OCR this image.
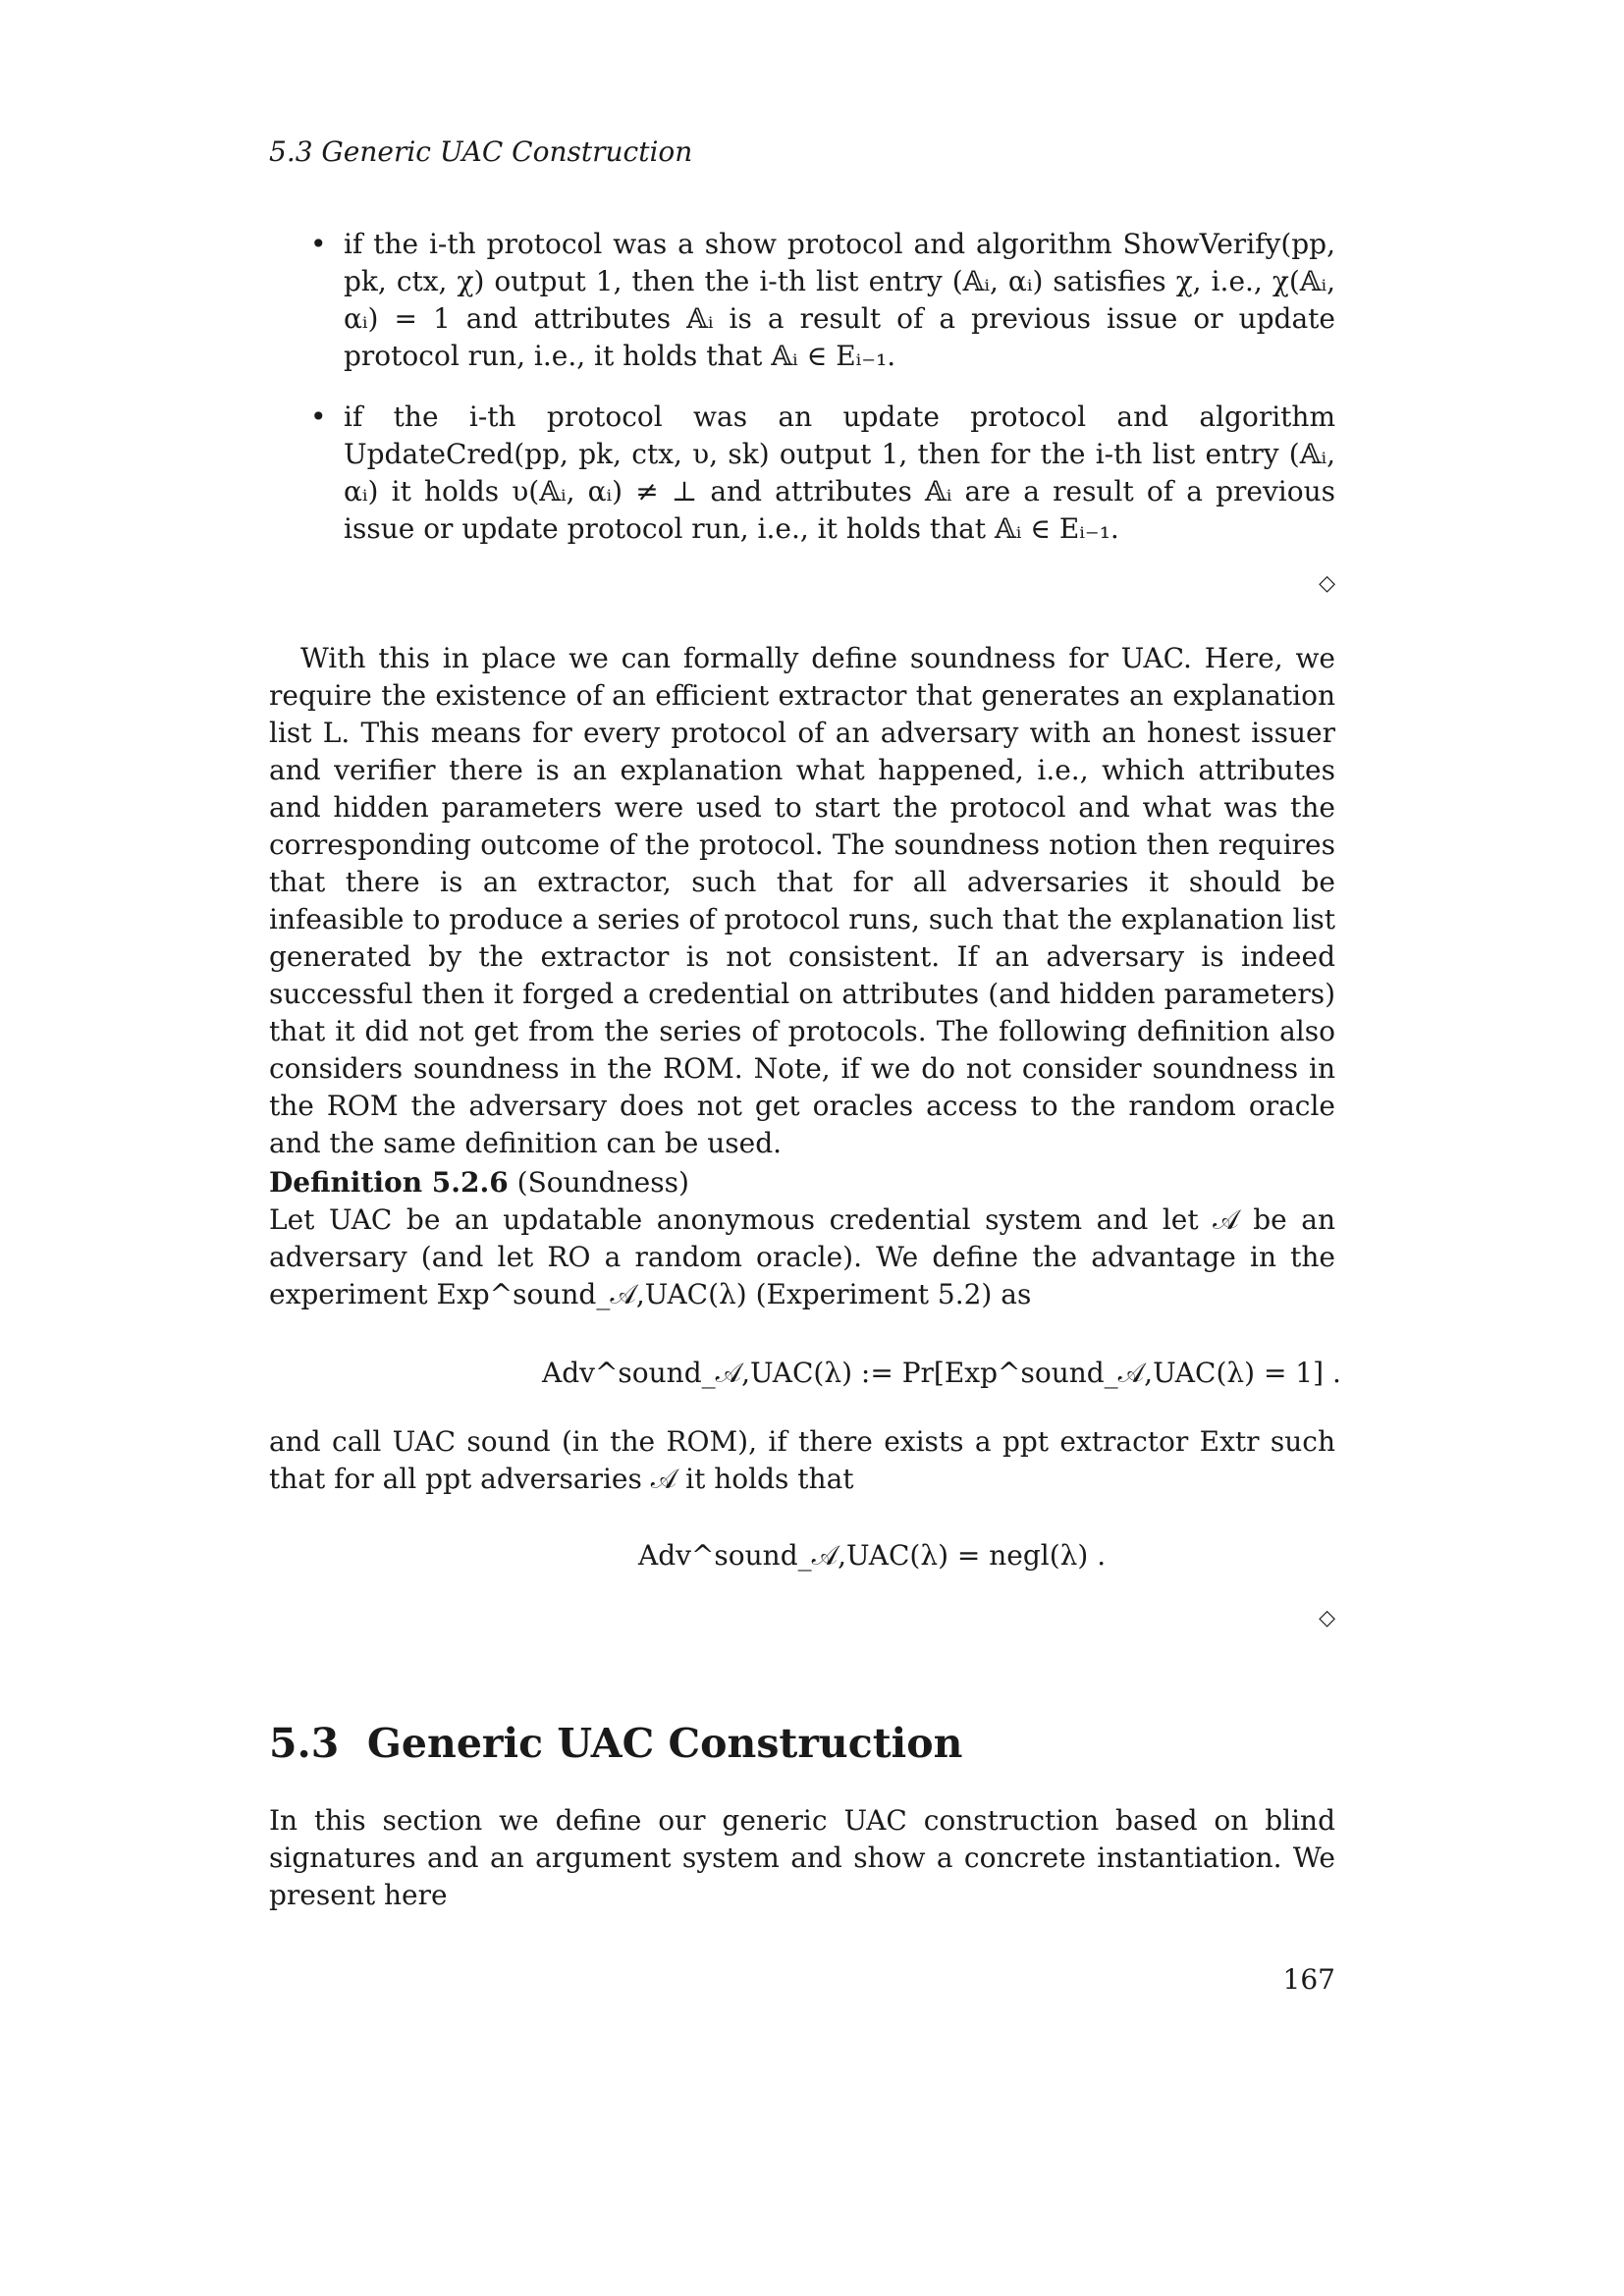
5.3 Generic UAC Construction
• if the i-th protocol was a show protocol and algorithm ShowVerify(pp, pk, ctx, χ) output 1, then the i-th list entry (𝔸ᵢ, αᵢ) satisfies χ, i.e., χ(𝔸ᵢ, αᵢ) = 1 and attributes 𝔸ᵢ is a result of a previous issue or update protocol run, i.e., it holds that 𝔸ᵢ ∈ Eᵢ₋₁.
• if the i-th protocol was an update protocol and algorithm UpdateCred(pp, pk, ctx, υ, sk) output 1, then for the i-th list entry (𝔸ᵢ, αᵢ) it holds υ(𝔸ᵢ, αᵢ) ≠ ⊥ and attributes 𝔸ᵢ are a result of a previous issue or update protocol run, i.e., it holds that 𝔸ᵢ ∈ Eᵢ₋₁.
◇

With this in place we can formally define soundness for UAC. Here, we require the existence of an efficient extractor that generates an explanation list L. This means for every protocol of an adversary with an honest issuer and verifier there is an explanation what happened, i.e., which attributes and hidden parameters were used to start the protocol and what was the corresponding outcome of the protocol. The soundness notion then requires that there is an extractor, such that for all adversaries it should be infeasible to produce a series of protocol runs, such that the explanation list generated by the extractor is not consistent. If an adversary is indeed successful then it forged a credential on attributes (and hidden parameters) that it did not get from the series of protocols. The following definition also considers soundness in the ROM. Note, if we do not consider soundness in the ROM the adversary does not get oracles access to the random oracle and the same definition can be used.

Definition 5.2.6 (Soundness)
Let UAC be an updatable anonymous credential system and let 𝒜 be an adversary (and let RO a random oracle). We define the advantage in the experiment Exp^sound_𝒜,UAC(λ) (Experiment 5.2) as

Adv^sound_𝒜,UAC(λ) := Pr[Exp^sound_𝒜,UAC(λ) = 1] .

and call UAC sound (in the ROM), if there exists a ppt extractor Extr such that for all ppt adversaries 𝒜 it holds that

Adv^sound_𝒜,UAC(λ) = negl(λ) .
◇
5.3 Generic UAC Construction

In this section we define our generic UAC construction based on blind signatures and an argument system and show a concrete instantiation. We present here

167
